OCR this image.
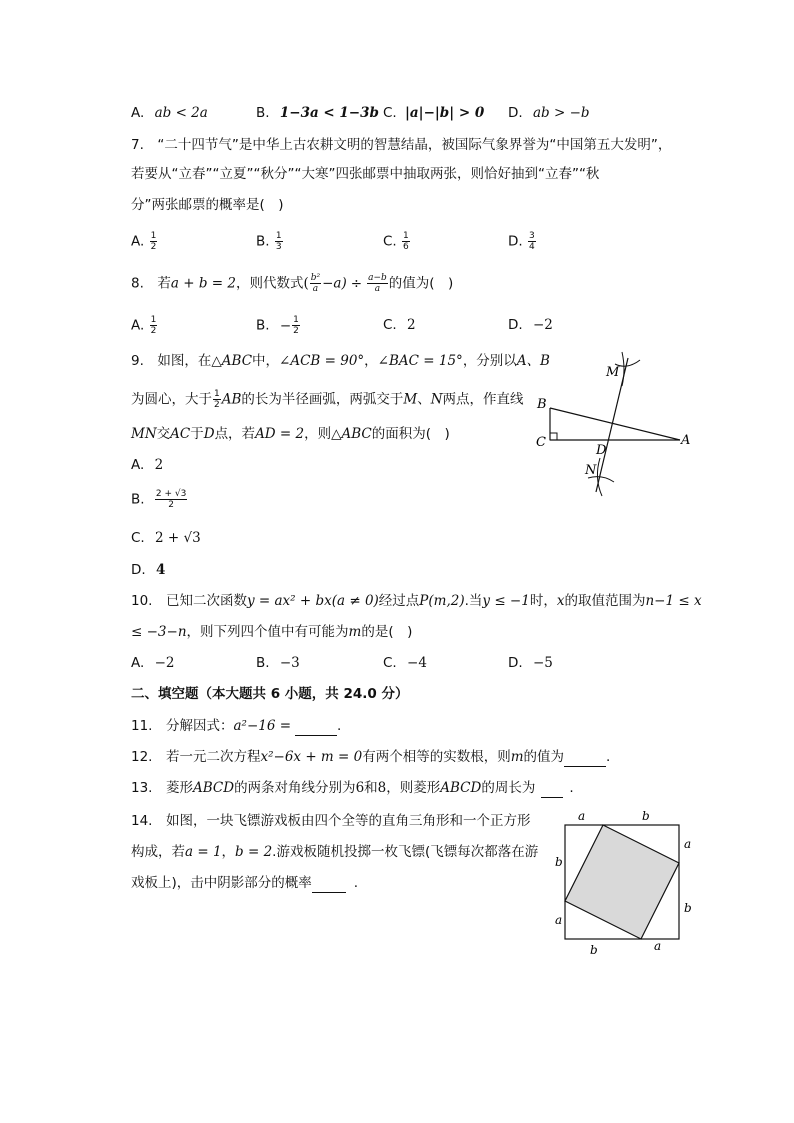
A. ab < 2a	B. 1−3a < 1−3b C. |a|−|b| > 0 D. ab > −b
7.　“二十四节气”是中华上古农耕文明的智慧结晶，被国际气象界誉为“中国第五大发明”，
若要从“立春”“立夏”“秋分”“大寒”四张邮票中抽取两张，则恰好抽到“立春”“秋
分”两张邮票的概率是(　)
A. $\frac{1}{2}$	B. $\frac{1}{3}$	C. $\frac{1}{6}$	D. $\frac{3}{4}$
8.　若a + b = 2，则代数式( $\frac{\text{b²}}{a} -a) \div \frac{a-b}{a}$ 的值为(　)
A. $\frac{1}{2}$	B. − $\frac{1}{2}$	C. 2	D. −2
9.　如图，在△ABC中，∠ACB = 90°，∠BAC = 15°，分别以A、B
为圆心，大于 $\frac{1}{2}$ AB的长为半径画弧，两弧交于M、N两点，作直线
MN交AC于D点，若AD = 2，则△ABC的面积为(　)
A. 2
B. $\frac{2 + √3}{2}$
C. 2 + √3
D. 4
M
B
C
D
A
N
10.　已知二次函数y = ax² + bx(a ≠ 0)经过点P(m,2).当y ≤ −1时，x的取值范围为n−1 ≤ x
≤ −3−n，则下列四个值中有可能为m的是(　)
A. −2	B. −3	C. −4	D. −5
二、填空题（本大题共 6 小题，共 24.0 分）
11.　分解因式：a²−16 =	.
12.　若一元二次方程x²−6x + m = 0有两个相等的实数根，则m的值为	.
13.　菱形ABCD的两条对角线分别为6和8，则菱形ABCD的周长为	.
14.　如图，一块飞镖游戏板由四个全等的直角三角形和一个正方形
构成，若a = 1，b = 2.游戏板随机投掷一枚飞镖(飞镖每次都落在游
戏板上)，击中阴影部分的概率	.
a	b
a
b
b
a
b	a
